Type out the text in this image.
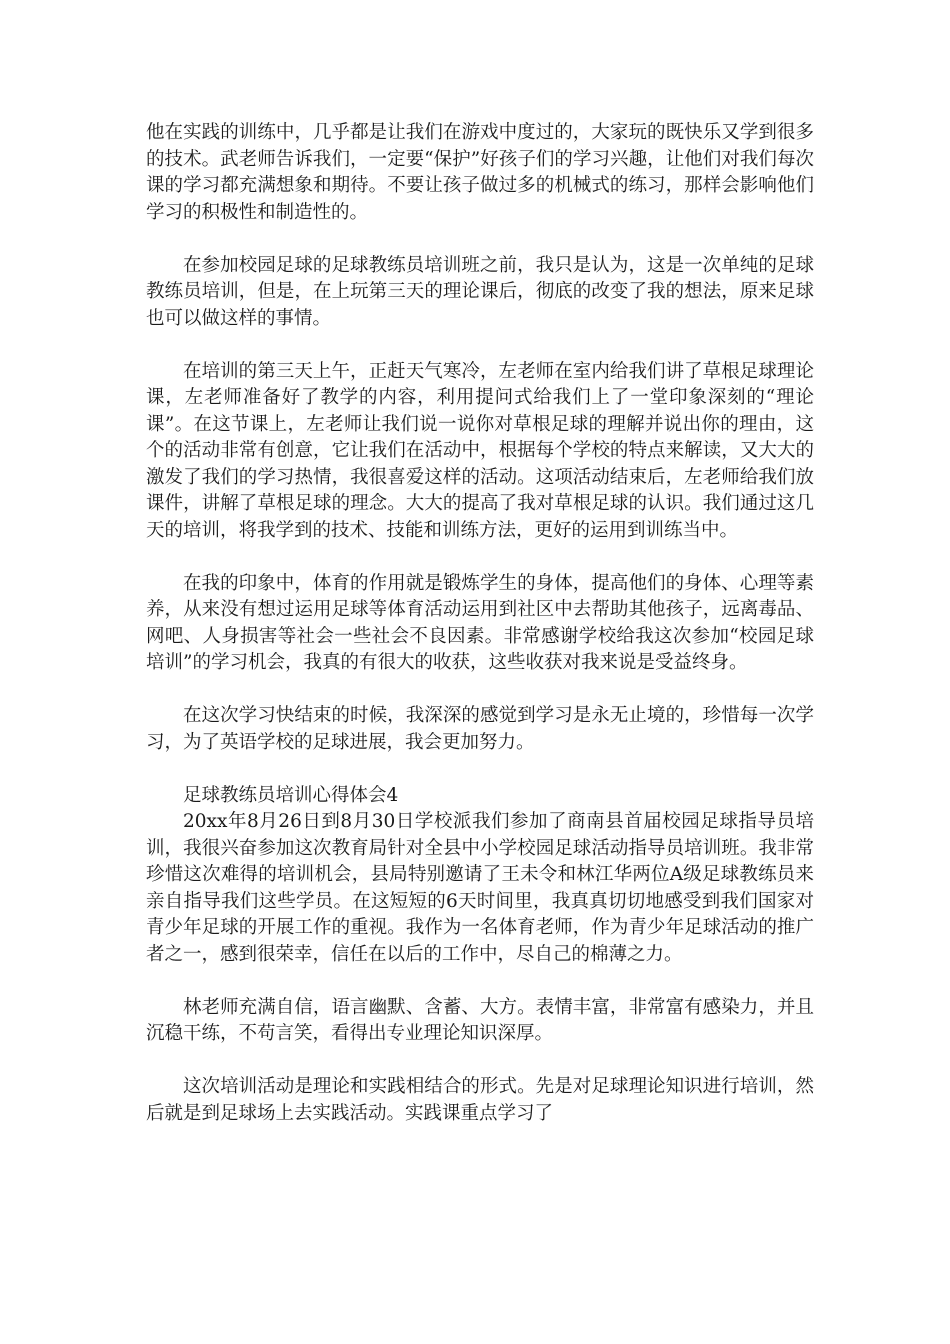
他在实践的训练中，几乎都是让我们在游戏中度过的，大家玩的既快乐又学到很多的技术。武老师告诉我们，一定要“保护”好孩子们的学习兴趣，让他们对我们每次课的学习都充满想象和期待。不要让孩子做过多的机械式的练习，那样会影响他们学习的积极性和制造性的。

在参加校园足球的足球教练员培训班之前，我只是认为，这是一次单纯的足球教练员培训，但是，在上玩第三天的理论课后，彻底的改变了我的想法，原来足球也可以做这样的事情。

在培训的第三天上午，正赶天气寒冷，左老师在室内给我们讲了草根足球理论课，左老师准备好了教学的内容，利用提问式给我们上了一堂印象深刻的“理论课”。在这节课上，左老师让我们说一说你对草根足球的理解并说出你的理由，这个的活动非常有创意，它让我们在活动中，根据每个学校的特点来解读，又大大的激发了我们的学习热情，我很喜爱这样的活动。这项活动结束后，左老师给我们放课件，讲解了草根足球的理念。大大的提高了我对草根足球的认识。我们通过这几天的培训，将我学到的技术、技能和训练方法，更好的运用到训练当中。

在我的印象中，体育的作用就是锻炼学生的身体，提高他们的身体、心理等素养，从来没有想过运用足球等体育活动运用到社区中去帮助其他孩子，远离毒品、网吧、人身损害等社会一些社会不良因素。非常感谢学校给我这次参加“校园足球培训”的学习机会，我真的有很大的收获，这些收获对我来说是受益终身。

在这次学习快结束的时候，我深深的感觉到学习是永无止境的，珍惜每一次学习，为了英语学校的足球进展，我会更加努力。

足球教练员培训心得体会4

20xx年8月26日到8月30日学校派我们参加了商南县首届校园足球指导员培训，我很兴奋参加这次教育局针对全县中小学校园足球活动指导员培训班。我非常珍惜这次难得的培训机会，县局特别邀请了王未令和林江华两位A级足球教练员来亲自指导我们这些学员。在这短短的6天时间里，我真真切切地感受到我们国家对青少年足球的开展工作的重视。我作为一名体育老师，作为青少年足球活动的推广者之一，感到很荣幸，信任在以后的工作中，尽自己的棉薄之力。

林老师充满自信，语言幽默、含蓄、大方。表情丰富，非常富有感染力，并且沉稳干练，不苟言笑，看得出专业理论知识深厚。

这次培训活动是理论和实践相结合的形式。先是对足球理论知识进行培训，然后就是到足球场上去实践活动。实践课重点学习了
